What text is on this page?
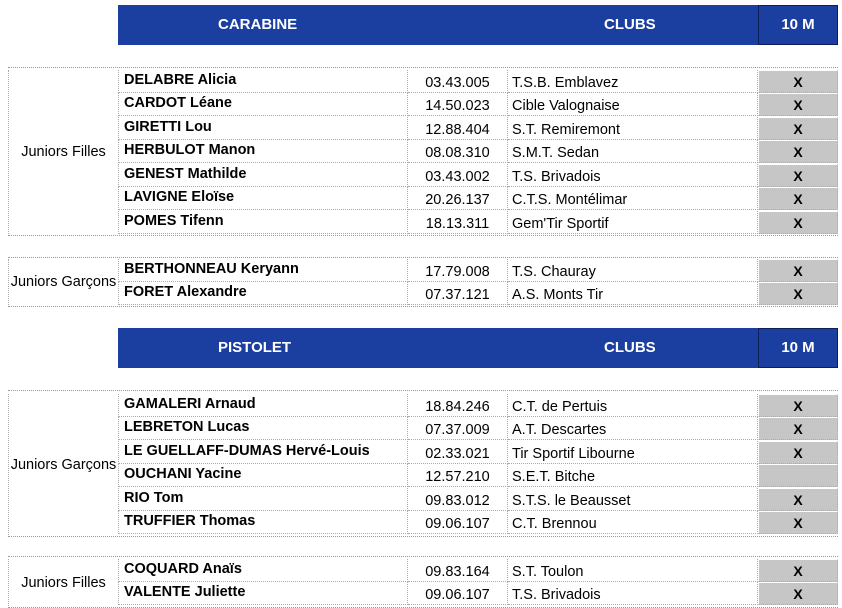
CARABINE	CLUBS	10 M
Juniors Filles
DELABRE Alicia	03.43.005	T.S.B. Emblavez	X
CARDOT Léane	14.50.023	Cible Valognaise	X
GIRETTI Lou	12.88.404	S.T. Remiremont	X
HERBULOT Manon	08.08.310	S.M.T. Sedan	X
GENEST Mathilde	03.43.002	T.S. Brivadois	X
LAVIGNE Eloïse	20.26.137	C.T.S. Montélimar	X
POMES Tifenn	18.13.311	Gem'Tir Sportif	X
Juniors Garçons
BERTHONNEAU Keryann	17.79.008	T.S. Chauray	X
FORET Alexandre	07.37.121	A.S. Monts Tir	X
PISTOLET	CLUBS	10 M
Juniors Garçons
GAMALERI Arnaud	18.84.246	C.T. de Pertuis	X
LEBRETON Lucas	07.37.009	A.T. Descartes	X
LE GUELLAFF-DUMAS Hervé-Louis	02.33.021	Tir Sportif Libourne	X
OUCHANI Yacine	12.57.210	S.E.T. Bitche
RIO Tom	09.83.012	S.T.S. le Beausset	X
TRUFFIER Thomas	09.06.107	C.T. Brennou	X
Juniors Filles
COQUARD Anaïs	09.83.164	S.T. Toulon	X
VALENTE Juliette	09.06.107	T.S. Brivadois	X
